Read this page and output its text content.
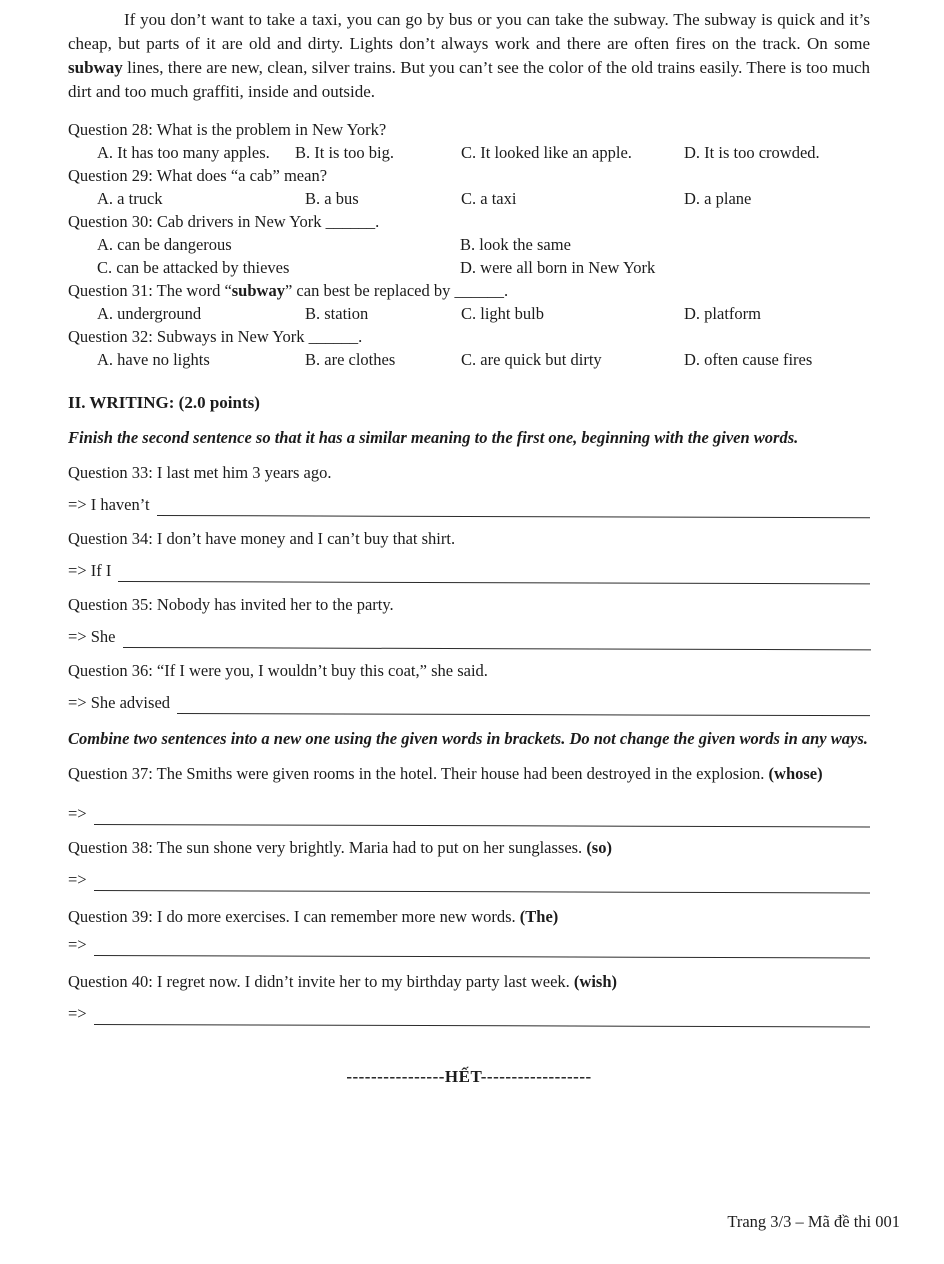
If you don’t want to take a taxi, you can go by bus or you can take the subway. The subway is quick and it’s cheap, but parts of it are old and dirty. Lights don’t always work and there are often fires on the track. On some subway lines, there are new, clean, silver trains. But you can’t see the color of the old trains easily. There is too much dirt and too much graffiti, inside and outside.

Question 28: What is the problem in New York?

A. It has too many apples.	B. It is too big.	C. It looked like an apple.	D. It is too crowded.

Question 29: What does “a cab” mean?

A. a truck	B. a bus	C. a taxi	D. a plane

Question 30: Cab drivers in New York ______.

A. can be dangerous	B. look the same
C. can be attacked by thieves	D. were all born in New York

Question 31: The word “subway” can best be replaced by ______.

A. underground	B. station	C. light bulb	D. platform

Question 32: Subways in New York ______.

A. have no lights	B. are clothes	C. are quick but dirty	D. often cause fires

II. WRITING: (2.0 points)

Finish the second sentence so that it has a similar meaning to the first one, beginning with the given words.

Question 33: I last met him 3 years ago.

=> I haven’t

Question 34: I don’t have money and I can’t buy that shirt.

=> If I

Question 35: Nobody has invited her to the party.

=> She

Question 36: “If I were you, I wouldn’t buy this coat,” she said.

=> She advised

Combine two sentences into a new one using the given words in brackets. Do not change the given words in any ways.

Question 37: The Smiths were given rooms in the hotel. Their house had been destroyed in the explosion. (whose)

=>

Question 38: The sun shone very brightly. Maria had to put on her sunglasses. (so)

=>

Question 39: I do more exercises. I can remember more new words. (The)

=>

Question 40: I regret now. I didn’t invite her to my birthday party last week. (wish)

=>

----------------HẾT------------------

Trang 3/3 – Mã đề thi 001
